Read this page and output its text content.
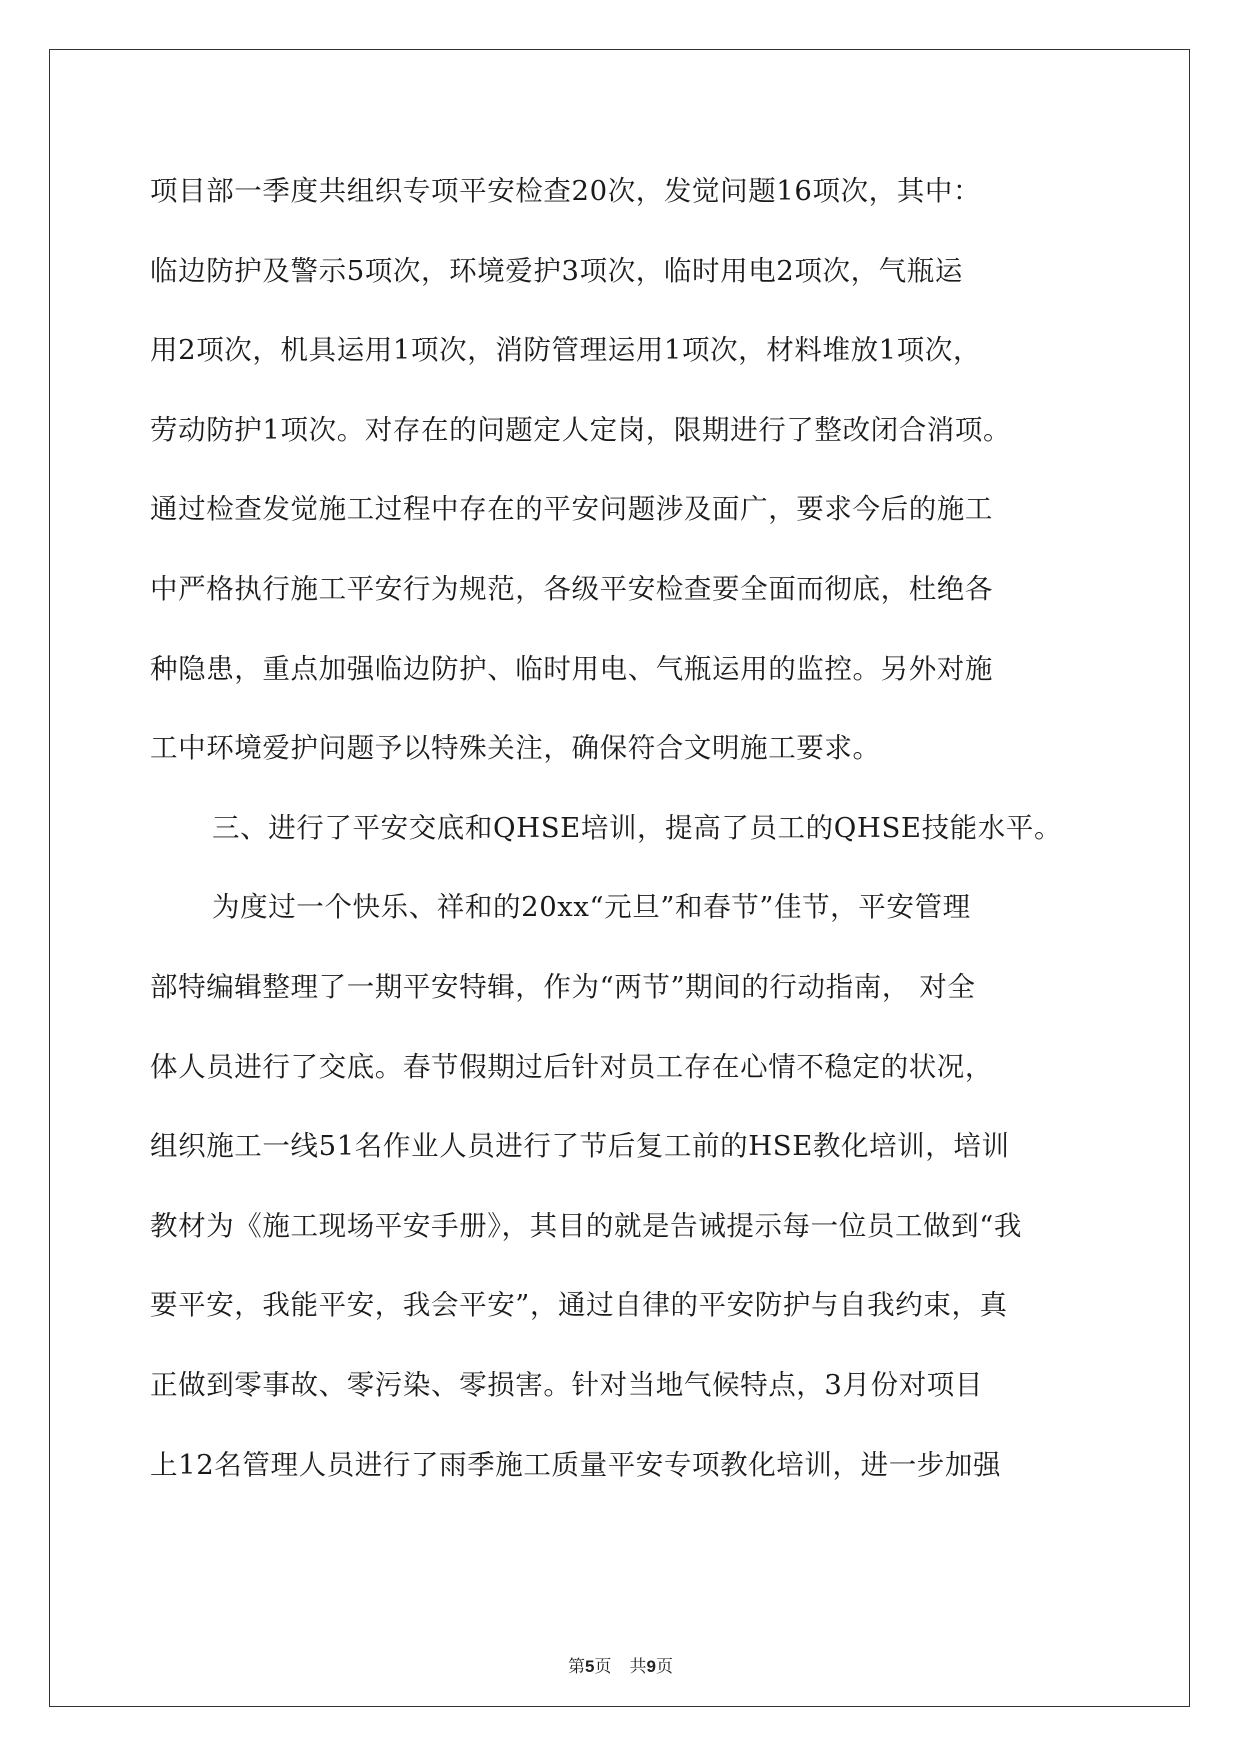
项目部一季度共组织专项平安检查20次，发觉问题16项次，其中：
临边防护及警示5项次，环境爱护3项次，临时用电2项次，气瓶运
用2项次，机具运用1项次，消防管理运用1项次，材料堆放1项次，
劳动防护1项次。对存在的问题定人定岗，限期进行了整改闭合消项。
通过检查发觉施工过程中存在的平安问题涉及面广，要求今后的施工
中严格执行施工平安行为规范，各级平安检查要全面而彻底，杜绝各
种隐患，重点加强临边防护、临时用电、气瓶运用的监控。另外对施
工中环境爱护问题予以特殊关注，确保符合文明施工要求。
三、进行了平安交底和QHSE培训，提高了员工的QHSE技能水平。
为度过一个快乐、祥和的20xx“元旦”和春节”佳节，平安管理
部特编辑整理了一期平安特辑，作为“两节”期间的行动指南， 对全
体人员进行了交底。春节假期过后针对员工存在心情不稳定的状况，
组织施工一线51名作业人员进行了节后复工前的HSE教化培训，培训
教材为《施工现场平安手册》，其目的就是告诫提示每一位员工做到“我
要平安，我能平安，我会平安”，通过自律的平安防护与自我约束，真
正做到零事故、零污染、零损害。针对当地气候特点，3月份对项目
上12名管理人员进行了雨季施工质量平安专项教化培训，进一步加强
第5页 共9页
